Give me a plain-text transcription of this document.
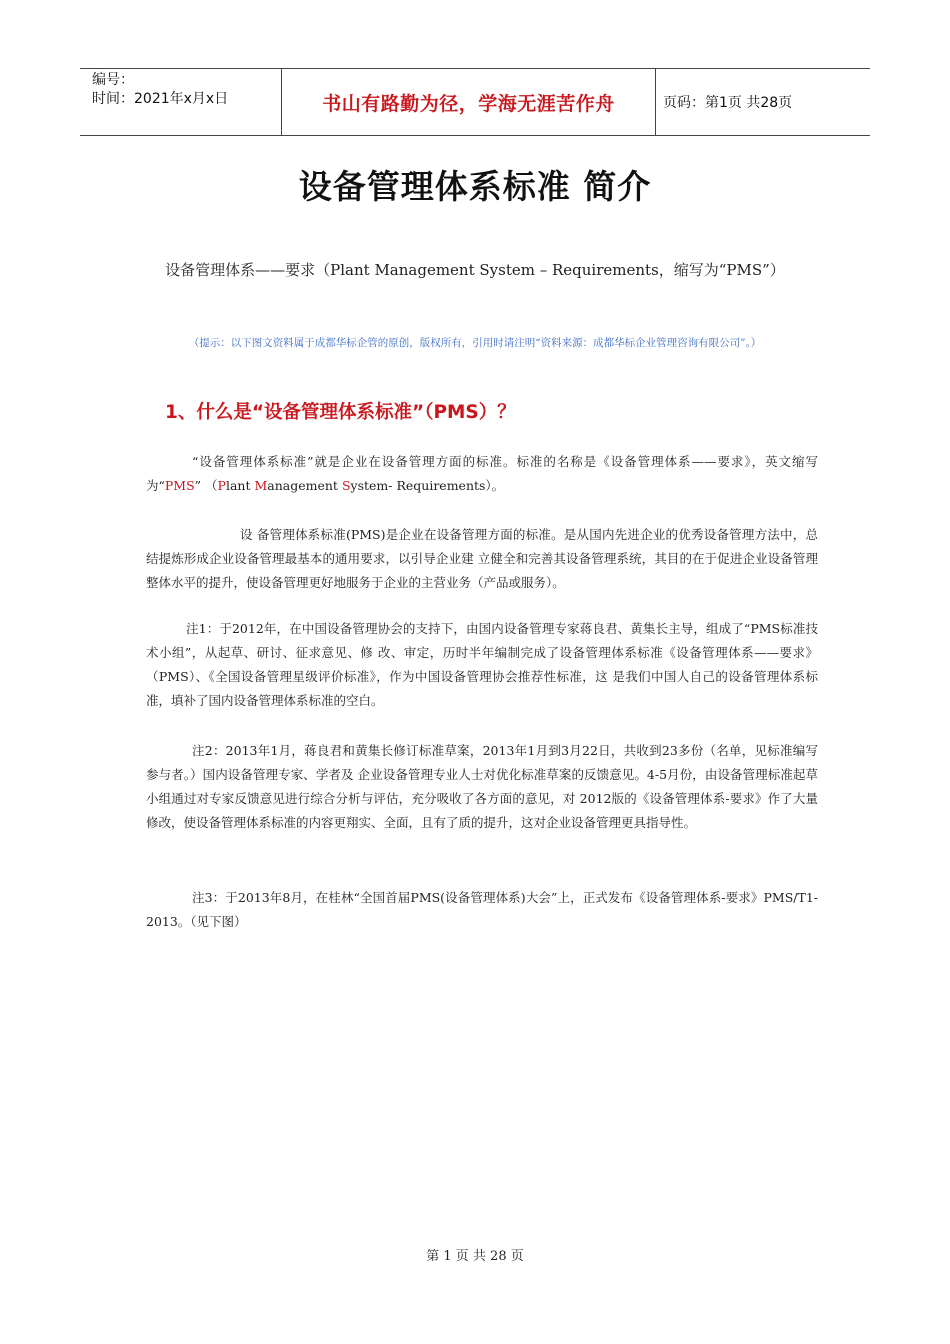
编号：
时间：2021年x月x日	书山有路勤为径，学海无涯苦作舟	页码：第1页 共28页
设备管理体系标准 简介
设备管理体系——要求（Plant Management System – Requirements，缩写为“PMS”）
（提示：以下图文资料属于成都华标企管的原创，版权所有，引用时请注明“资料来源：成都华标企业管理咨询有限公司”。）
1、什么是“设备管理体系标准”（PMS）？
“设备管理体系标准”就是企业在设备管理方面的标准。标准的名称是《设备管理体系——要求》，英文缩写为“PMS” （Plant Management System- Requirements）。
设 备管理体系标准(PMS)是企业在设备管理方面的标准。是从国内先进企业的优秀设备管理方法中，总结提炼形成企业设备管理最基本的通用要求，以引导企业建 立健全和完善其设备管理系统，其目的在于促进企业设备管理整体水平的提升，使设备管理更好地服务于企业的主营业务（产品或服务）。
注1：于2012年，在中国设备管理协会的支持下，由国内设备管理专家蒋良君、黄集长主导，组成了“PMS标准技术小组”，从起草、研讨、征求意见、修 改、审定，历时半年编制完成了设备管理体系标准《设备管理体系——要求》（PMS）、《全国设备管理星级评价标准》，作为中国设备管理协会推荐性标准，这 是我们中国人自己的设备管理体系标准，填补了国内设备管理体系标准的空白。
注2：2013年1月，蒋良君和黄集长修订标准草案，2013年1月到3月22日，共收到23多份（名单，见标准编写参与者。）国内设备管理专家、学者及 企业设备管理专业人士对优化标准草案的反馈意见。4-5月份，由设备管理标准起草小组通过对专家反馈意见进行综合分析与评估，充分吸收了各方面的意见，对 2012版的《设备管理体系-要求》作了大量修改，使设备管理体系标准的内容更翔实、全面，且有了质的提升，这对企业设备管理更具指导性。
注3：于2013年8月，在桂林“全国首届PMS(设备管理体系)大会”上，正式发布《设备管理体系-要求》PMS/T1-2013。（见下图）
第 1 页 共 28 页
